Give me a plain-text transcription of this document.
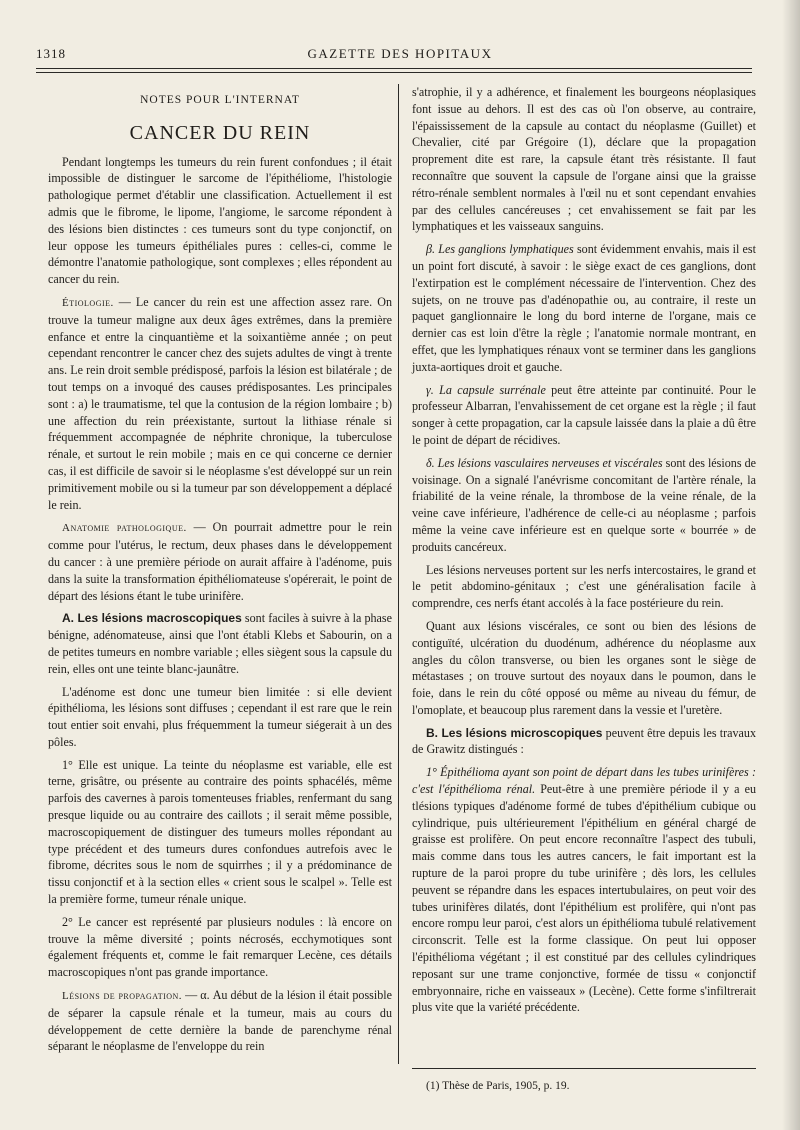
1318	GAZETTE DES HOPITAUX
NOTES POUR L'INTERNAT
CANCER DU REIN

Pendant longtemps les tumeurs du rein furent confondues ; il était impossible de distinguer le sarcome de l'épithéliome, l'histologie pathologique permet d'établir une classification. Actuellement il est admis que le fibrome, le lipome, l'angiome, le sarcome répondent à des lésions bien distinctes : ces tumeurs sont du type conjonctif, on leur oppose les tumeurs épithéliales pures : celles-ci, comme le démontre l'anatomie pathologique, sont complexes ; elles répondent au cancer du rein.

Étiologie. — Le cancer du rein est une affection assez rare. On trouve la tumeur maligne aux deux âges extrêmes, dans la première enfance et entre la cinquantième et la soixantième année ; on peut cependant rencontrer le cancer chez des sujets adultes de vingt à trente ans. Le rein droit semble prédisposé, parfois la lésion est bilatérale ; de tout temps on a invoqué des causes prédisposantes. Les principales sont : a) le traumatisme, tel que la contusion de la région lombaire ; b) une affection du rein préexistante, surtout la lithiase rénale si fréquemment accompagnée de néphrite chronique, la tuberculose rénale, et surtout le rein mobile ; mais en ce qui concerne ce dernier cas, il est difficile de savoir si le néoplasme s'est développé sur un rein primitivement mobile ou si la tumeur par son développement a déplacé le rein.

Anatomie pathologique. — On pourrait admettre pour le rein comme pour l'utérus, le rectum, deux phases dans le développement du cancer : à une première période on aurait affaire à l'adénome, puis dans la suite la transformation épithéliomateuse s'opérerait, le point de départ des lésions étant le tube urinifère.

A. Les lésions macroscopiques sont faciles à suivre à la phase bénigne, adénomateuse, ainsi que l'ont établi Klebs et Sabourin, on a de petites tumeurs en nombre variable ; elles siègent sous la capsule du rein, elles ont une teinte blanc-jaunâtre.

L'adénome est donc une tumeur bien limitée : si elle devient épithélioma, les lésions sont diffuses ; cependant il est rare que le rein tout entier soit envahi, plus fréquemment la tumeur siégerait à un des pôles.

1° Elle est unique. La teinte du néoplasme est variable, elle est terne, grisâtre, ou présente au contraire des points sphacélés, même parfois des cavernes à parois tomenteuses friables, renfermant du sang presque liquide ou au contraire des caillots ; il serait même possible, macroscopiquement de distinguer des tumeurs molles répondant au type précédent et des tumeurs dures confondues autrefois avec le fibrome, décrites sous le nom de squirrhes ; il y a prédominance de tissu conjonctif et à la section elles « crient sous le scalpel ». Telle est la première forme, tumeur rénale unique.

2° Le cancer est représenté par plusieurs nodules : là encore on trouve la même diversité ; points nécrosés, ecchymotiques sont également fréquents et, comme le fait remarquer Lecène, ces détails macroscopiques n'ont pas grande importance.

Lésions de propagation. — α. Au début de la lésion il était possible de séparer la capsule rénale et la tumeur, mais au cours du développement de cette dernière la bande de parenchyme rénal séparant le néoplasme de l'enveloppe du rein

s'atrophie, il y a adhérence, et finalement les bourgeons néoplasiques font issue au dehors. Il est des cas où l'on observe, au contraire, l'épaississement de la capsule au contact du néoplasme (Guillet) et Chevalier, cité par Grégoire (1), déclare que la propagation proprement dite est rare, la capsule étant très résistante. Il faut reconnaître que souvent la capsule de l'organe ainsi que la graisse rétro-rénale semblent normales à l'œil nu et sont cependant envahies par des cellules cancéreuses ; cet envahissement se fait par les lymphatiques et les vaisseaux sanguins.

β. Les ganglions lymphatiques sont évidemment envahis, mais il est un point fort discuté, à savoir : le siège exact de ces ganglions, dont l'extirpation est le complément nécessaire de l'intervention. Chez des sujets, on ne trouve pas d'adénopathie ou, au contraire, il reste un paquet ganglionnaire le long du bord interne de l'organe, mais ce dernier cas est loin d'être la règle ; l'anatomie normale montrant, en effet, que les lymphatiques rénaux vont se terminer dans les ganglions juxta-aortiques droit et gauche.

γ. La capsule surrénale peut être atteinte par continuité. Pour le professeur Albarran, l'envahissement de cet organe est la règle ; il faut songer à cette propagation, car la capsule laissée dans la plaie a dû être le point de départ de récidives.

δ. Les lésions vasculaires nerveuses et viscérales sont des lésions de voisinage. On a signalé l'anévrisme concomitant de l'artère rénale, la friabilité de la veine rénale, la thrombose de la veine rénale, de la veine cave inférieure, l'adhérence de celle-ci au néoplasme ; parfois même la veine cave inférieure est en quelque sorte « bourrée » de produits cancéreux.

Les lésions nerveuses portent sur les nerfs intercostaires, le grand et le petit abdomino-génitaux ; c'est une généralisation facile à comprendre, ces nerfs étant accolés à la face postérieure du rein.

Quant aux lésions viscérales, ce sont ou bien des lésions de contiguïté, ulcération du duodénum, adhérence du néoplasme aux angles du côlon transverse, ou bien les organes sont le siège de métastases ; on trouve surtout des noyaux dans le poumon, dans le foie, dans le rein du côté opposé ou même au niveau du fémur, de l'omoplate, et beaucoup plus rarement dans la vessie et l'uretère.

B. Les lésions microscopiques peuvent être depuis les travaux de Grawitz distingués :

1° Épithélioma ayant son point de départ dans les tubes urinifères : c'est l'épithélioma rénal. Peut-être à une première période il y a eu tlésions typiques d'adénome formé de tubes d'épithélium cubique ou cylindrique, puis ultérieurement l'épithélium en général chargé de graisse est prolifère. On peut encore reconnaître l'aspect des tubuli, mais comme dans tous les autres cancers, le fait important est la rupture de la paroi propre du tube urinifère ; dès lors, les cellules peuvent se répandre dans les espaces intertubulaires, on peut voir des tubes urinifères dilatés, dont l'épithélium est prolifère, qui n'ont pas encore rompu leur paroi, c'est alors un épithélioma tubulé relativement circonscrit. Telle est la forme classique. On peut lui opposer l'épithélioma végétant ; il est constitué par des cellules cylindriques reposant sur une trame conjonctive, formée de tissu « conjonctif embryonnaire, riche en vaisseaux » (Lecène). Cette forme s'infiltrerait plus vite que la variété précédente.

(1) Thèse de Paris, 1905, p. 19.
